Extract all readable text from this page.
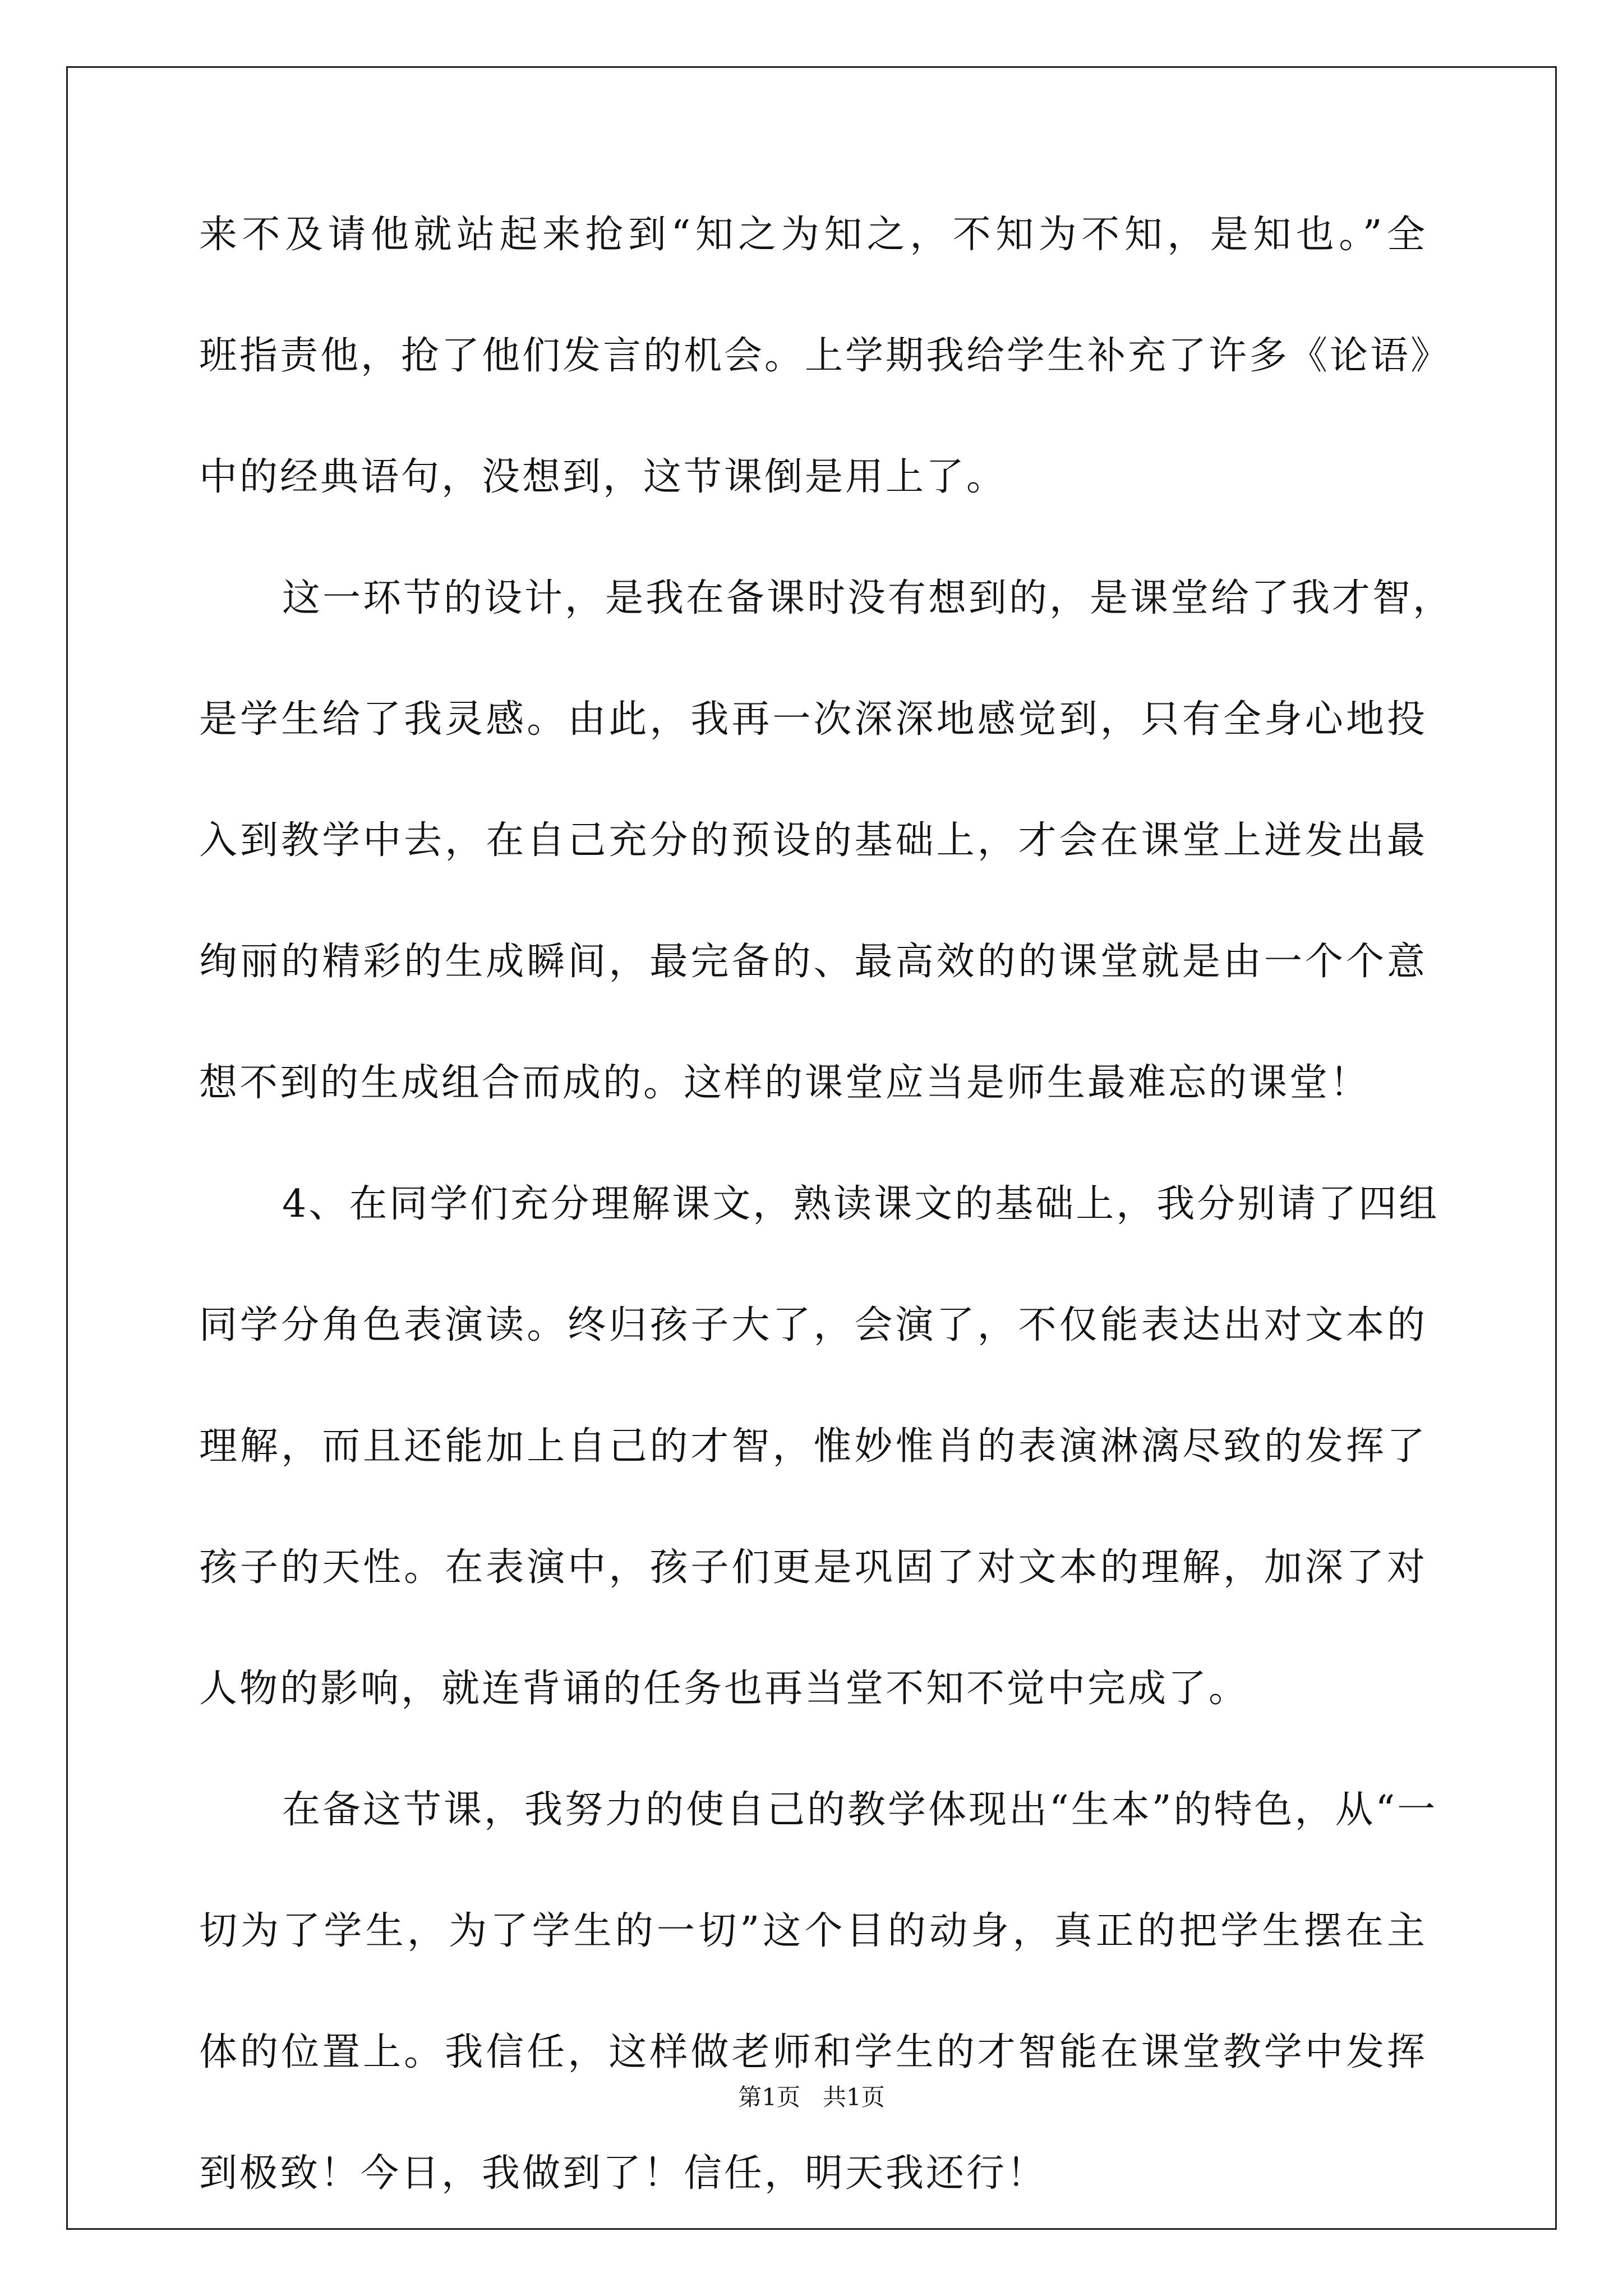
来不及请他就站起来抢到“知之为知之，不知为不知，是知也。”全
班指责他，抢了他们发言的机会。上学期我给学生补充了许多《论语》
中的经典语句，没想到，这节课倒是用上了。
这一环节的设计，是我在备课时没有想到的，是课堂给了我才智，
是学生给了我灵感。由此，我再一次深深地感觉到，只有全身心地投
入到教学中去，在自己充分的预设的基础上，才会在课堂上迸发出最
绚丽的精彩的生成瞬间，最完备的、最高效的的课堂就是由一个个意
想不到的生成组合而成的。这样的课堂应当是师生最难忘的课堂！
4、在同学们充分理解课文，熟读课文的基础上，我分别请了四组
同学分角色表演读。终归孩子大了，会演了，不仅能表达出对文本的
理解，而且还能加上自己的才智，惟妙惟肖的表演淋漓尽致的发挥了
孩子的天性。在表演中，孩子们更是巩固了对文本的理解，加深了对
人物的影响，就连背诵的任务也再当堂不知不觉中完成了。
在备这节课，我努力的使自己的教学体现出“生本”的特色，从“一
切为了学生，为了学生的一切”这个目的动身，真正的把学生摆在主
体的位置上。我信任，这样做老师和学生的才智能在课堂教学中发挥
到极致！今日，我做到了！信任，明天我还行！
第1页   共1页
